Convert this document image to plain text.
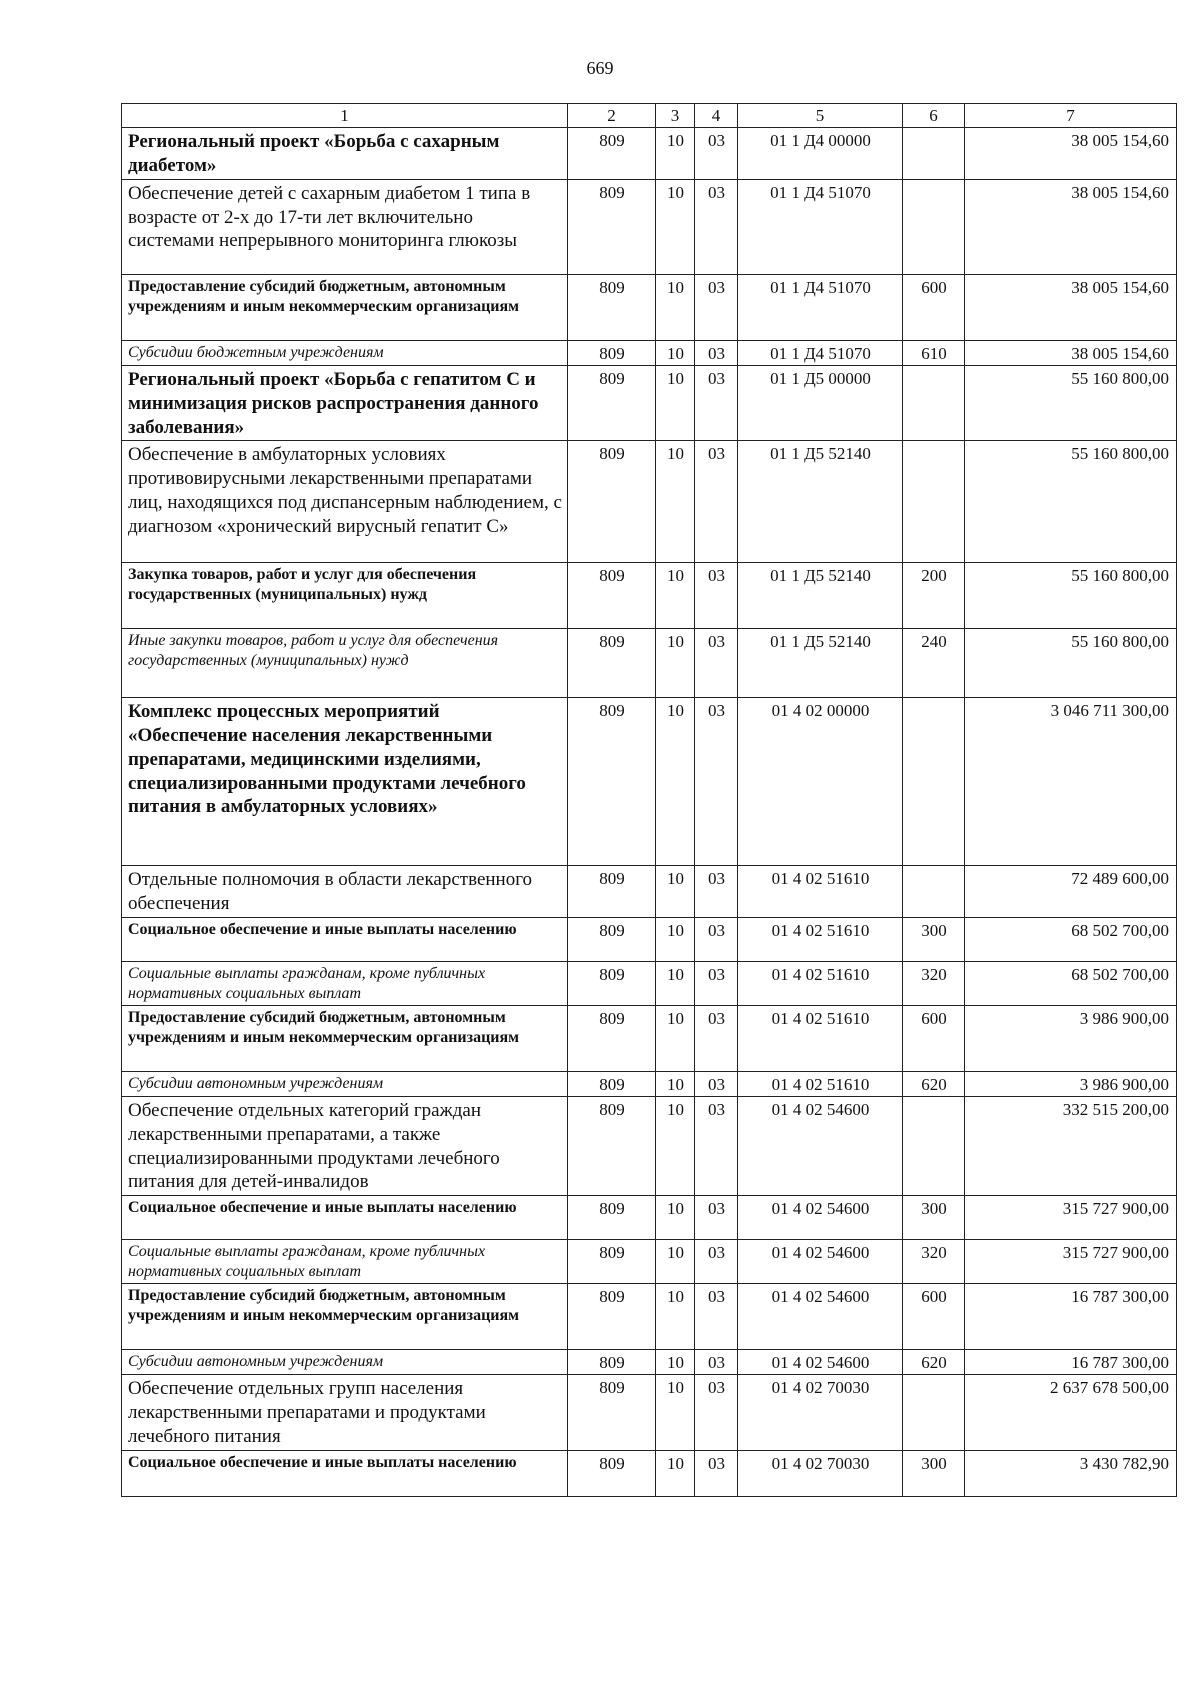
669
1	2	3	4	5	6	7
Региональный проект «Борьба с сахарным диабетом»	809	10	03	01 1 Д4 00000		38 005 154,60
Обеспечение детей с сахарным диабетом 1 типа в возрасте от 2-х до 17-ти лет включительно системами непрерывного мониторинга глюкозы	809	10	03	01 1 Д4 51070		38 005 154,60
Предоставление субсидий бюджетным, автономным учреждениям и иным некоммерческим организациям	809	10	03	01 1 Д4 51070	600	38 005 154,60
Субсидии бюджетным учреждениям	809	10	03	01 1 Д4 51070	610	38 005 154,60
Региональный проект «Борьба с гепатитом С и минимизация рисков распространения данного заболевания»	809	10	03	01 1 Д5 00000		55 160 800,00
Обеспечение в амбулаторных условиях противовирусными лекарственными препаратами лиц, находящихся под диспансерным наблюдением, с диагнозом «хронический вирусный гепатит С»	809	10	03	01 1 Д5 52140		55 160 800,00
Закупка товаров, работ и услуг для обеспечения государственных (муниципальных) нужд	809	10	03	01 1 Д5 52140	200	55 160 800,00
Иные закупки товаров, работ и услуг для обеспечения государственных (муниципальных) нужд	809	10	03	01 1 Д5 52140	240	55 160 800,00
Комплекс процессных мероприятий «Обеспечение населения лекарственными препаратами, медицинскими изделиями, специализированными продуктами лечебного питания в амбулаторных условиях»	809	10	03	01 4 02 00000		3 046 711 300,00
Отдельные полномочия в области лекарственного обеспечения	809	10	03	01 4 02 51610		72 489 600,00
Социальное обеспечение и иные выплаты населению	809	10	03	01 4 02 51610	300	68 502 700,00
Социальные выплаты гражданам, кроме публичных нормативных социальных выплат	809	10	03	01 4 02 51610	320	68 502 700,00
Предоставление субсидий бюджетным, автономным учреждениям и иным некоммерческим организациям	809	10	03	01 4 02 51610	600	3 986 900,00
Субсидии автономным учреждениям	809	10	03	01 4 02 51610	620	3 986 900,00
Обеспечение отдельных категорий граждан лекарственными препаратами, а также специализированными продуктами лечебного питания для детей-инвалидов	809	10	03	01 4 02 54600		332 515 200,00
Социальное обеспечение и иные выплаты населению	809	10	03	01 4 02 54600	300	315 727 900,00
Социальные выплаты гражданам, кроме публичных нормативных социальных выплат	809	10	03	01 4 02 54600	320	315 727 900,00
Предоставление субсидий бюджетным, автономным учреждениям и иным некоммерческим организациям	809	10	03	01 4 02 54600	600	16 787 300,00
Субсидии автономным учреждениям	809	10	03	01 4 02 54600	620	16 787 300,00
Обеспечение отдельных групп населения лекарственными препаратами и продуктами лечебного питания	809	10	03	01 4 02 70030		2 637 678 500,00
Социальное обеспечение и иные выплаты населению	809	10	03	01 4 02 70030	300	3 430 782,90
